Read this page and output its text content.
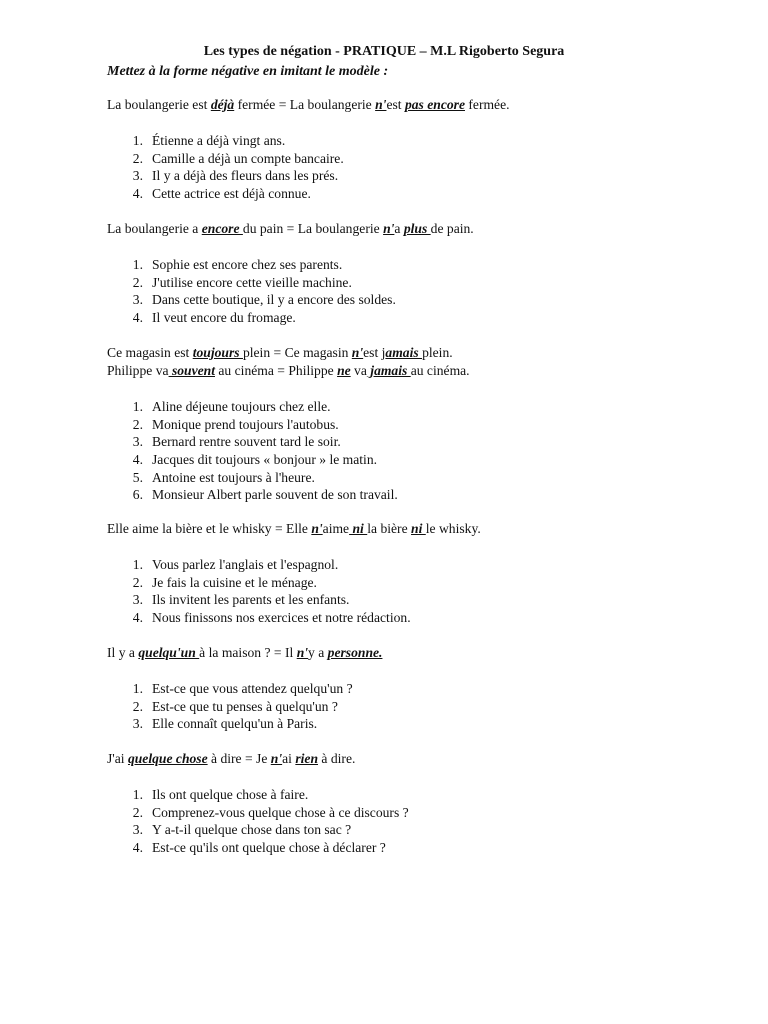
Les types de négation - PRATIQUE – M.L Rigoberto Segura
Mettez à la forme négative en imitant le modèle :
La boulangerie est déjà fermée = La boulangerie n'est pas encore fermée.
1. Étienne a déjà vingt ans.
2. Camille a déjà un compte bancaire.
3. Il y a déjà des fleurs dans les prés.
4. Cette actrice est déjà connue.
La boulangerie a encore du pain = La boulangerie n'a plus de pain.
1. Sophie est encore chez ses parents.
2. J'utilise encore cette vieille machine.
3. Dans cette boutique, il y a encore des soldes.
4. Il veut encore du fromage.
Ce magasin est toujours plein = Ce magasin n'est jamais plein.
Philippe va souvent au cinéma = Philippe ne va jamais au cinéma.
1. Aline déjeune toujours chez elle.
2. Monique prend toujours l'autobus.
3. Bernard rentre souvent tard le soir.
4. Jacques dit toujours « bonjour » le matin.
5. Antoine est toujours à l'heure.
6. Monsieur Albert parle souvent de son travail.
Elle aime la bière et le whisky = Elle n'aime ni la bière ni le whisky.
1. Vous parlez l'anglais et l'espagnol.
2. Je fais la cuisine et le ménage.
3. Ils invitent les parents et les enfants.
4. Nous finissons nos exercices et notre rédaction.
Il y a quelqu'un à la maison ? = Il n'y a personne.
1. Est-ce que vous attendez quelqu'un ?
2. Est-ce que tu penses à quelqu'un ?
3. Elle connaît quelqu'un à Paris.
J'ai quelque chose à dire = Je n'ai rien à dire.
1. Ils ont quelque chose à faire.
2. Comprenez-vous quelque chose à ce discours ?
3. Y a-t-il quelque chose dans ton sac ?
4. Est-ce qu'ils ont quelque chose à déclarer ?
